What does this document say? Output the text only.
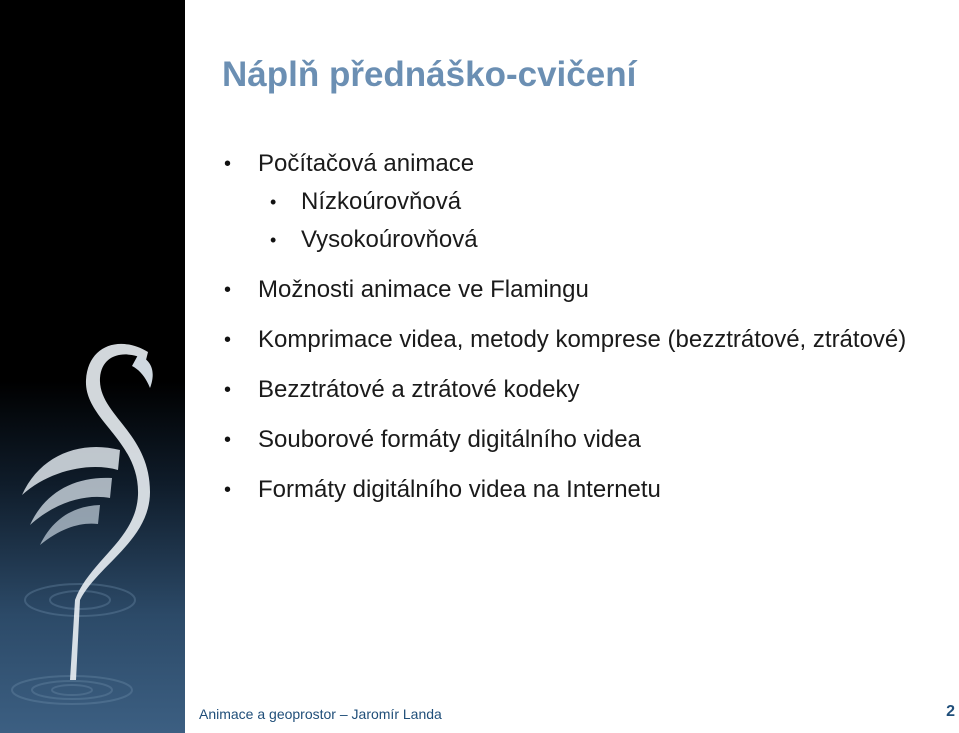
Náplň přednáško-cvičení
• Počítačová animace
• Nízkoúrovňová
• Vysokoúrovňová
• Možnosti animace ve Flamingu
• Komprimace videa, metody komprese (bezztrátové, ztrátové)
• Bezztrátové a ztrátové kodeky
• Souborové formáty digitálního videa
• Formáty digitálního videa na Internetu
Animace a geoprostor – Jaromír Landa	2
